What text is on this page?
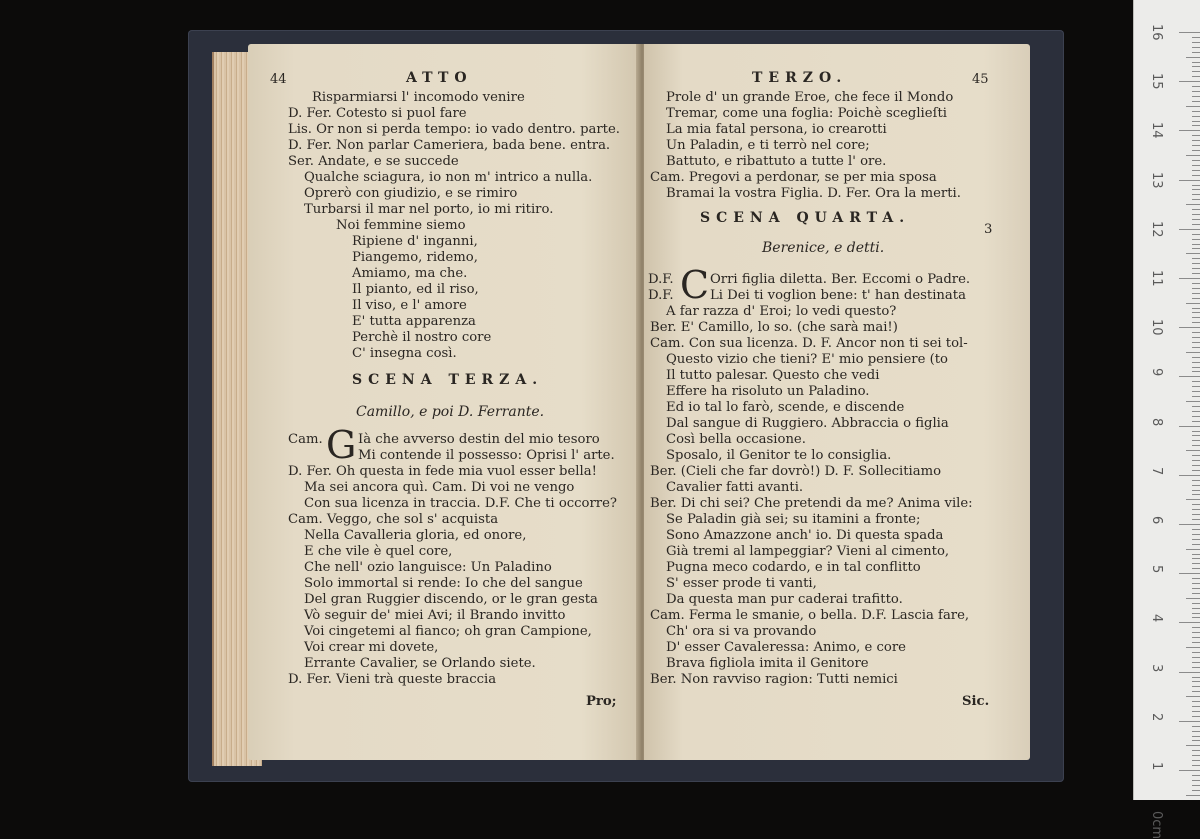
44	ATTO
Risparmiarsi l' incomodo venire
D. Fer. Cotesto si puol fare
Lis. Or non si perda tempo: io vado dentro. parte.
D. Fer. Non parlar Cameriera, bada bene. entra.
Ser. Andate, e se succede
Qualche sciagura, io non m' intrico a nulla.
Oprerò con giudizio, e se rimiro
Turbarsi il mar nel porto, io mi ritiro.
Noi femmine siemo
Ripiene d' inganni,
Piangemo, ridemo,
Amiamo, ma che.
Il pianto, ed il riso,
Il viso, e l' amore
E' tutta apparenza
Perchè il nostro core
C' insegna così.
SCENA TERZA.
Camillo, e poi D. Ferrante.
G
Cam.	Ià che avverso destin del mio tesoro
Mi contende il possesso: Oprisi l' arte.
D. Fer. Oh questa in fede mia vuol esser bella!
Ma sei ancora quì. Cam. Di voi ne vengo
Con sua licenza in traccia. D.F. Che ti occorre?
Cam. Veggo, che sol s' acquista
Nella Cavalleria gloria, ed onore,
E che vile è quel core,
Che nell' ozio languisce: Un Paladino
Solo immortal si rende: Io che del sangue
Del gran Ruggier discendo, or le gran gesta
Vò seguir de' miei Avi; il Brando invitto
Voi cingetemi al fianco; oh gran Campione,
Voi crear mi dovete,
Errante Cavalier, se Orlando siete.
D. Fer. Vieni trà queste braccia
Pro;
TERZO.	45
Prole d' un grande Eroe, che fece il Mondo
Tremar, come una foglia: Poichè sceglieſti
La mia fatal persona, io crearotti
Un Paladin, e ti terrò nel core;
Battuto, e ribattuto a tutte l' ore.
Cam. Pregovi a perdonar, se per mia sposa
Bramai la vostra Figlia. D. Fer. Ora la merti.
SCENA QUARTA.
3
Berenice, e detti.
C
D.F.	Orri figlia diletta. Ber. Eccomi o Padre.
D.F.	Li Dei ti voglion bene: t' han destinata
A far razza d' Eroi; lo vedi questo?
Ber. E' Camillo, lo so. (che sarà mai!)
Cam. Con sua licenza. D. F. Ancor non ti sei tol-
Questo vizio che tieni? E' mio pensiere (to
Il tutto palesar. Questo che vedi
Effere ha risoluto un Paladino.
Ed io tal lo farò, scende, e discende
Dal sangue di Ruggiero. Abbraccia o figlia
Così bella occasione.
Sposalo, il Genitor te lo consiglia.
Ber. (Cieli che far dovrò!) D. F. Sollecitiamo
Cavalier fatti avanti.
Ber. Di chi sei? Che pretendi da me? Anima vile:
Se Paladin già sei; su itamini a fronte;
Sono Amazzone anch' io. Di questa spada
Già tremi al lampeggiar? Vieni al cimento,
Pugna meco codardo, e in tal conflitto
S' esser prode ti vanti,
Da questa man pur caderai trafitto.
Cam. Ferma le smanie, o bella. D.F. Lascia fare,
Ch' ora si va provando
D' esser Cavaleressa: Animo, e core
Brava figliola imita il Genitore
Ber. Non ravviso ragion: Tutti nemici
Sic.
16
15
14
13
12
11
10
9
8
7
6
5
4
3
2
1
0cm
